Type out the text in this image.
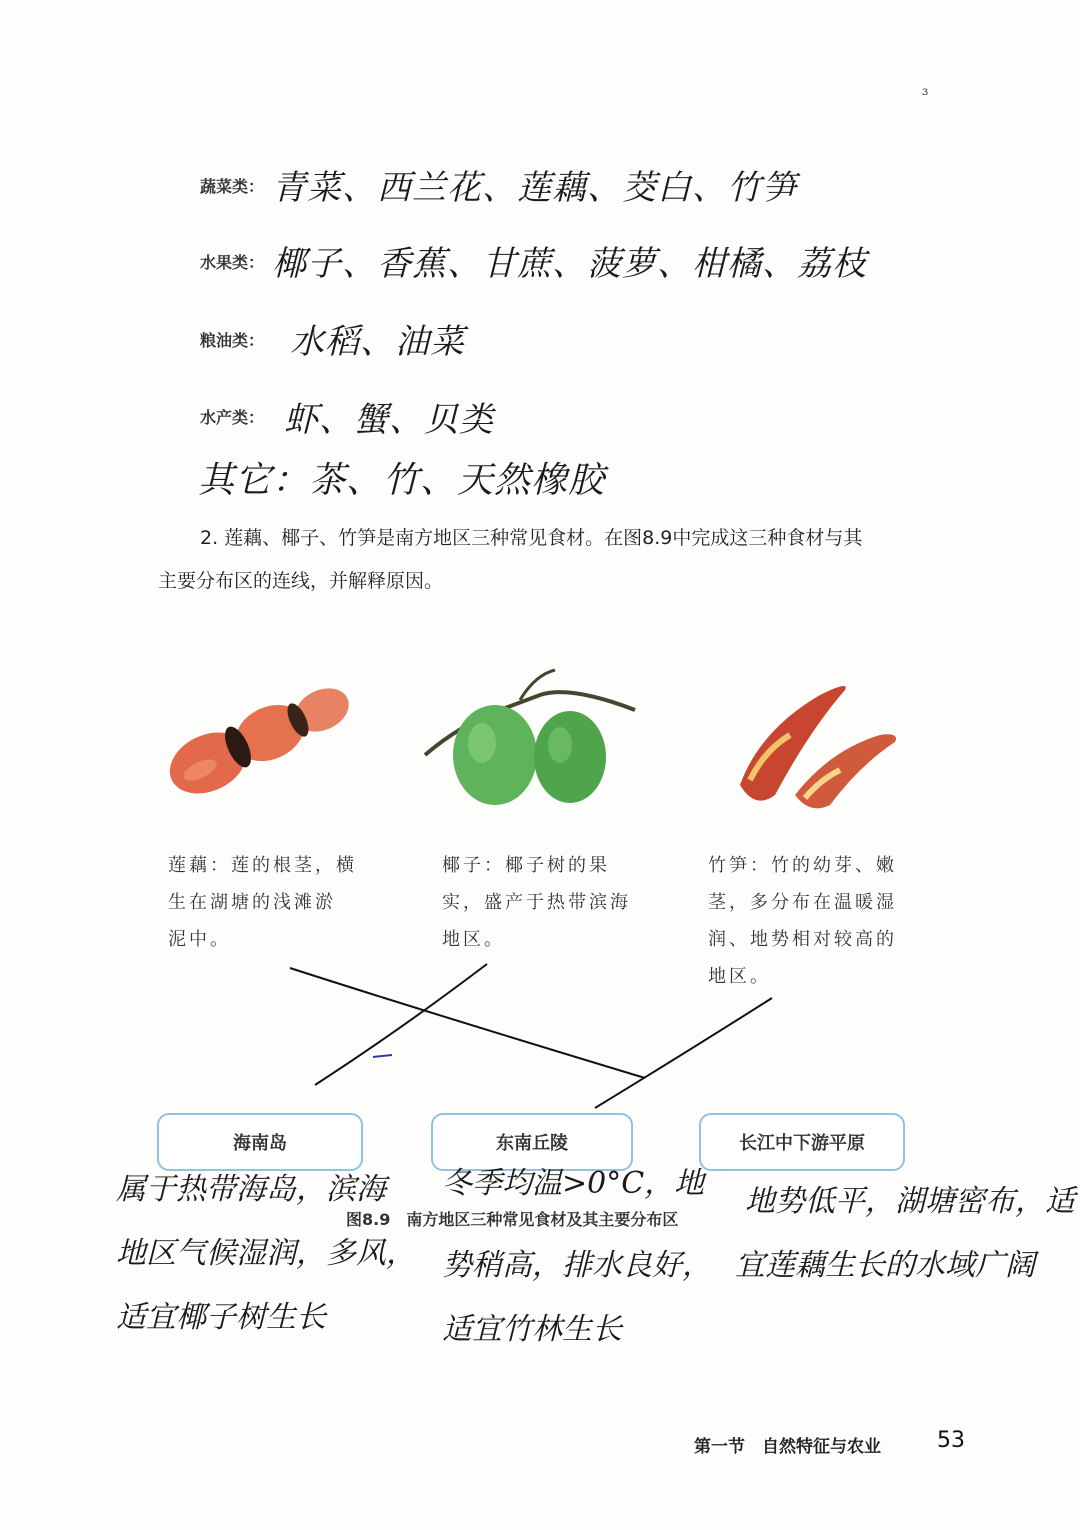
ɜ
蔬菜类： 青菜、西兰花、莲藕、茭白、竹笋
水果类： 椰子、香蕉、甘蔗、菠萝、柑橘、荔枝
粮油类： 水稻、油菜
水产类： 虾、蟹、贝类
其它：茶、竹、天然橡胶
2. 莲藕、椰子、竹笋是南方地区三种常见食材。在图8.9中完成这三种食材与其
主要分布区的连线，并解释原因。
莲藕：莲的根茎，横
生在湖塘的浅滩淤
泥中。
椰子：椰子树的果
实，盛产于热带滨海
地区。
竹笋：竹的幼芽、嫩
茎，多分布在温暖湿
润、地势相对较高的
地区。
海南岛	东南丘陵	长江中下游平原
图8.9　南方地区三种常见食材及其主要分布区
属于热带海岛，滨海
地区气候湿润，多风，
适宜椰子树生长
冬季均温>0°C，地
势稍高，排水良好，
适宜竹林生长
地势低平，湖塘密布，适
宜莲藕生长的水域广阔
第一节　自然特征与农业	53
